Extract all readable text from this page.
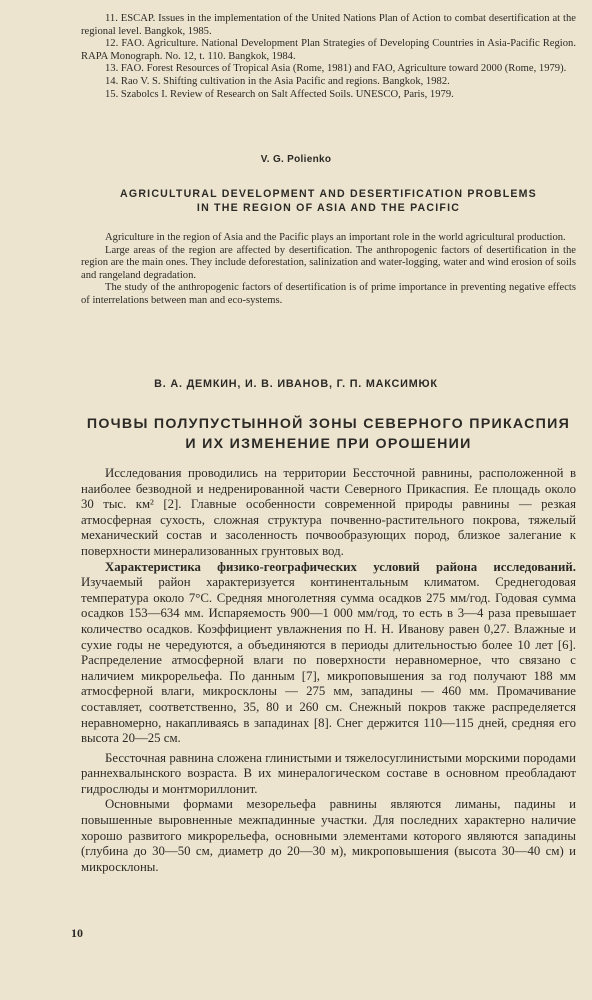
11. ESCAP. Issues in the implementation of the United Nations Plan of Action to combat desertification at the regional level. Bangkok, 1985.

12. FAO. Agriculture. National Development Plan Strategies of Developing Countries in Asia-Pacific Region. RAPA Monograph. No. 12, t. 110. Bangkok, 1984.

13. FAO. Forest Resources of Tropical Asia (Rome, 1981) and FAO, Agriculture toward 2000 (Rome, 1979).

14. Rao V. S. Shifting cultivation in the Asia Pacific and regions. Bangkok, 1982.

15. Szabolcs I. Review of Research on Salt Affected Soils. UNESCO, Paris, 1979.

V. G. Polienko
AGRICULTURAL DEVELOPMENT AND DESERTIFICATION PROBLEMS
IN THE REGION OF ASIA AND THE PACIFIC

Agriculture in the region of Asia and the Pacific plays an important role in the world agricultural production.

Large areas of the region are affected by desertification. The anthropogenic factors of desertification in the region are the main ones. They include deforestation, salinization and water-logging, water and wind erosion of soils and rangeland degradation.

The study of the anthropogenic factors of desertification is of prime importance in preventing negative effects of interrelations between man and eco-systems.

В. А. ДЕМКИН, И. В. ИВАНОВ, Г. П. МАКСИМЮК
ПОЧВЫ ПОЛУПУСТЫННОЙ ЗОНЫ СЕВЕРНОГО ПРИКАСПИЯ
И ИХ ИЗМЕНЕНИЕ ПРИ ОРОШЕНИИ

Исследования проводились на территории Бессточной равнины, расположенной в наиболее безводной и недренированной части Северного Прикаспия. Ее площадь около 30 тыс. км² [2]. Главные особенности современной природы равнины — резкая атмосферная сухость, сложная структура почвенно-растительного покрова, тяжелый механический состав и засоленность почвообразующих пород, близкое залегание к поверхности минерализованных грунтовых вод.

Характеристика физико-географических условий района исследований. Изучаемый район характеризуется континентальным климатом. Среднегодовая температура около 7°С. Средняя многолетняя сумма осадков 275 мм/год. Годовая сумма осадков 153—634 мм. Испаряемость 900—1 000 мм/год, то есть в 3—4 раза превышает количество осадков. Коэффициент увлажнения по Н. Н. Иванову равен 0,27. Влажные и сухие годы не чередуются, а объединяются в периоды длительностью более 10 лет [6]. Распределение атмосферной влаги по поверхности неравномерное, что связано с наличием микрорельефа. По данным [7], микроповышения за год получают 188 мм атмосферной влаги, микросклоны — 275 мм, западины — 460 мм. Промачивание составляет, соответственно, 35, 80 и 260 см. Снежный покров также распределяется неравномерно, накапливаясь в западинах [8]. Снег держится 110—115 дней, средняя его высота 20—25 см.

Бессточная равнина сложена глинистыми и тяжелосуглинистыми морскими породами раннехвалынского возраста. В их минералогическом составе в основном преобладают гидрослюды и монтмориллонит.

Основными формами мезорельефа равнины являются лиманы, падины и повышенные выровненные межпадинные участки. Для последних характерно наличие хорошо развитого микрорельефа, основными элементами которого являются западины (глубина до 30—50 см, диаметр до 20—30 м), микроповышения (высота 30—40 см) и микросклоны.

10
